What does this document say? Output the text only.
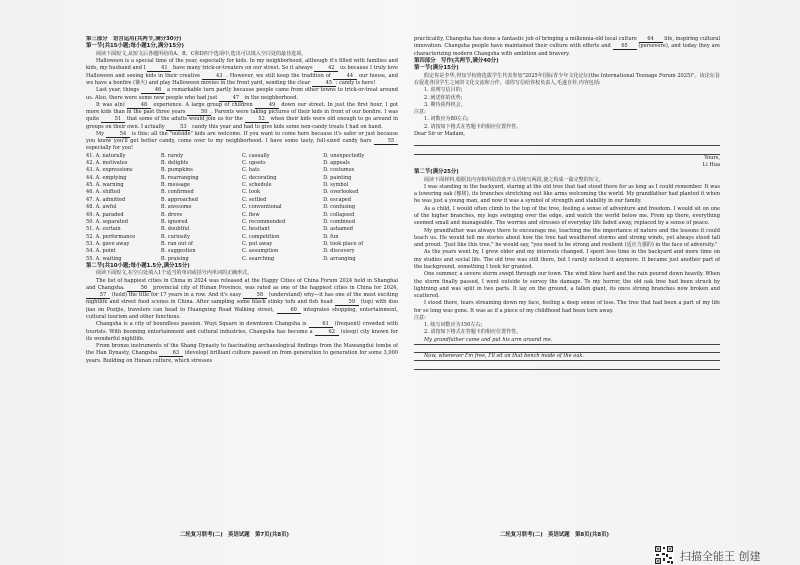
第三部分　语言运用(共两节,满分30分)

第一节(共15小题;每小题1分,满分15分)

阅读下面短文,从短文后各题所给的A、B、C和D四个选项中,选出可以填入空白处的最佳选项。

Halloween is a special time of the year, especially for kids. In my neighborhood, although it's filled with families and kids, my husband and I	41 have many trick-or-treaters on our street. So it always	42 us because I truly love Halloween and seeing kids in their creative	43 . However, we still keep the tradition of	44 our house, and we have a bonfire (篝火) and play Halloween movies in the front yard, sending the clear	45 : candy is here!

Last year, things	46 a remarkable turn partly because people came from other towns to trick-or-treat around us. Also, there were some new people who had just	47 in the neighborhood.

It was a(n)	48 experience. A large group of children	49 down our street. In just the first hour, I got more kids than in the past three years	50 . Parents were taking pictures of their kids in front of our bonfire. I was quite	51 that some of the adults would join us for the	52 when their kids were old enough to go around in groups on their own. I actually	53 candy this year and had to give kids some non-candy treats I had on hand.

My	54 is this: all the "outside" kids are welcome. If you want to come here because it's safer or just because you know you'll get better candy, come over to my neighborhood. I have some tasty, full-sized candy bars	55 especially for you!

41. A. naturally	B. rarely	C. casually	D. unexpectedly
42. A. motivates	B. delights	C. upsets	D. appeals
43. A. expressions	B. pumpkins	C. hats	D. costumes
44. A. emptying	B. rearranging	C. decorating	D. painting
45. A. warning	B. message	C. schedule	D. symbol
46. A. shifted	B. confirmed	C. took	D. overlooked
47. A. admitted	B. approached	C. settled	D. escaped
48. A. awful	B. awesome	C. conventional	D. confusing
49. A. paraded	B. drove	C. flew	D. collapsed
50. A. separated	B. ignored	C. recommended	D. combined
51. A. certain	B. doubtful	C. hesitant	D. ashamed
52. A. performance	B. curiosity	C. competition	D. fun
53. A. gave away	B. ran out of	C. put away	D. took place of
54. A. point	B. suggestion	C. assumption	D. discovery
55. A. waiting	B. praising	C. searching	D. arranging

第二节(共10小题;每小题1.5分,满分15分)

阅读下面短文,在空白处填入1个适当的单词或括号内单词的正确形式。

The list of happiest cities in China in 2024 was released at the Happy Cities of China Forum 2024 held in Shanghai and Changsha.	56 provincial city of Hunan Province, was rated as one of the happiest cities in China for 2024, 57 (hold) the title for 17 years in a row. And it's easy	58 (understand) why—it has one of the most exciting nightlife and street food scenes in China. After sampling some black stinky tofu and fish head	59 (top) with duo jiao on Pozijie, travelers can head to Huangxing Road Walking street,	60 integrates shopping, entertainment, cultural tourism and other functions.

Changsha is a city of boundless passion. Wuyi Square in downtown Changsha is	61 (frequent) crowded with tourists. With booming entertainment and cultural industries, Changsha has become a	62 (sleep) city known for its wonderful nightlife.

From bronze instruments of the Shang Dynasty to fascinating archaeological findings from the Mawangdui tombs of the Han Dynasty, Changsha	63 (develop) brilliant culture passed on from generation to generation for some 3,000 years. Building on Hunan culture, which stresses

二轮复习联考(二)　英语试题　第7页(共8页)

practicality, Changsha has done a fantastic job of bringing a millennia-old local culture 64 life, inspiring cultural innovation. Changsha people have maintained their culture with efforts and 65 (persevere), and today they are characterizing modern Changsha with ambition and bravery.

第四部分　写作(共两节,满分40分)

第一节(满分15分)

假定你是李华,得知学校将选拔学生代表参加"2025年国际青少年文化论坛(the International Teenage Forum 2025)"。该论坛旨在促进各国学生之间的文化交流和合作。请你写信给你校负责人,毛遂自荐,内容包括:

1. 说明写信目的;

2. 阐述你的优势;

3. 期待获得机会。

注意:

1. 词数应为80左右;

2. 请按如下格式在答题卡的相应位置作答。

Dear Sir or Madam,

Yours,

Li Hua

第二节(满分25分)

阅读下面材料,根据其内容和所给段落开头语续写两段,使之构成一篇完整的短文。

I was standing in the backyard, staring at the old tree that had stood there for as long as I could remember. It was a towering oak (橡树), its branches stretching out like arms welcoming the world. My grandfather had planted it when he was just a young man, and now it was a symbol of strength and stability in our family.

As a child, I would often climb to the top of the tree, feeling a sense of adventure and freedom. I would sit on one of the higher branches, my legs swinging over the edge, and watch the world below me. From up there, everything seemed small and manageable. The worries and stresses of everyday life faded away, replaced by a sense of peace.

My grandfather was always there to encourage me, teaching me the importance of nature and the lessons it could teach us. He would tell me stories about how the tree had weathered storms and strong winds, yet always stood tall and proud. "Just like this tree," he would say, "you need to be strong and resilient (适应力强的) in the face of adversity."

As the years went by, I grew older and my interests changed. I spent less time in the backyard and more time on my studies and social life. The old tree was still there, but I rarely noticed it anymore. It became just another part of the background, something I took for granted.

One summer, a severe storm swept through our town. The wind blew hard and the rain poured down heavily. When the storm finally passed, I went outside to survey the damage. To my horror, the old oak tree had been struck by lightning and was split in two parts. It lay on the ground, a fallen giant, its once strong branches now broken and scattered.

I stood there, tears streaming down my face, feeling a deep sense of loss. The tree that had been a part of my life for so long was gone. It was as if a piece of my childhood had been torn away.

注意:

1. 续写词数应为150左右;

2. 请按如下格式在答题卡的相应位置作答。

My grandfather came and put his arm around me.

Now, whenever I'm free, I'll sit on that bench made of the oak.

二轮复习联考(二)　英语试题　第8页(共8页)
扫描全能王 创建
